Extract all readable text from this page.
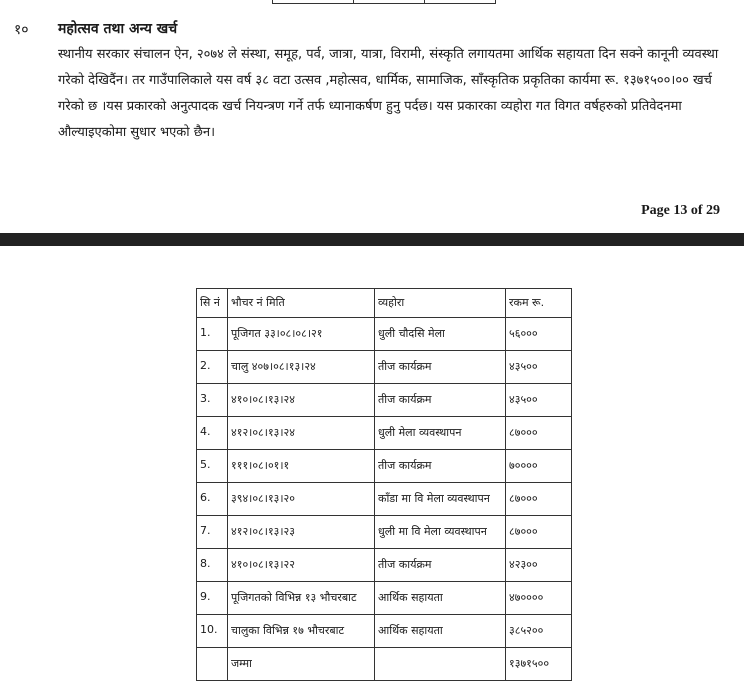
१० महोत्सव तथा अन्य खर्च

स्थानीय सरकार संचालन ऐन, २०७४ ले संस्था, समूह, पर्व, जात्रा, यात्रा, विरामी, संस्कृति लगायतमा आर्थिक सहायता दिन सक्ने कानूनी व्यवस्था गरेको देखिदैंन। तर गाउँपालिकाले यस वर्ष ३८ वटा उत्सव ,महोत्सव, धार्मिक, सामाजिक, साँस्कृतिक प्रकृतिका कार्यमा रू. १३७१५००।०० खर्च गरेको छ ।यस प्रकारको अनुत्पादक खर्च नियन्त्रण गर्ने तर्फ ध्यानाकर्षण हुनु पर्दछ। यस प्रकारका व्यहोरा गत विगत वर्षहरुको प्रतिवेदनमा औल्याइएकोमा सुधार भएको छैन।

Page 13 of 29
सि नं	भौचर नं मिति	व्यहोरा	रकम रू.
1.	पूजिगत ३३।०८।०८।२१	धुली चौदसि मेला	५६०००
2.	चालु ४०७।०८।१३।२४	तीज कार्यक्रम	४३५००
3.	४१०।०८।१३।२४	तीज कार्यक्रम	४३५००
4.	४१२।०८।१३।२४	धुली मेला व्यवस्थापन	८७०००
5.	१११।०८।०१।१	तीज कार्यक्रम	७००००
6.	३९४।०८।१३।२०	काँडा मा वि मेला व्यवस्थापन	८७०००
7.	४१२।०८।१३।२३	धुली मा वि मेला व्यवस्थापन	८७०००
8.	४१०।०८।१३।२२	तीज कार्यक्रम	४२३००
9.	पूजिगतको विभिन्न १३ भौचरबाट	आर्थिक सहायता	४७००००
10.	चालुका विभिन्न १७ भौचरबाट	आर्थिक सहायता	३८५२००
	जम्मा		१३७१५००
